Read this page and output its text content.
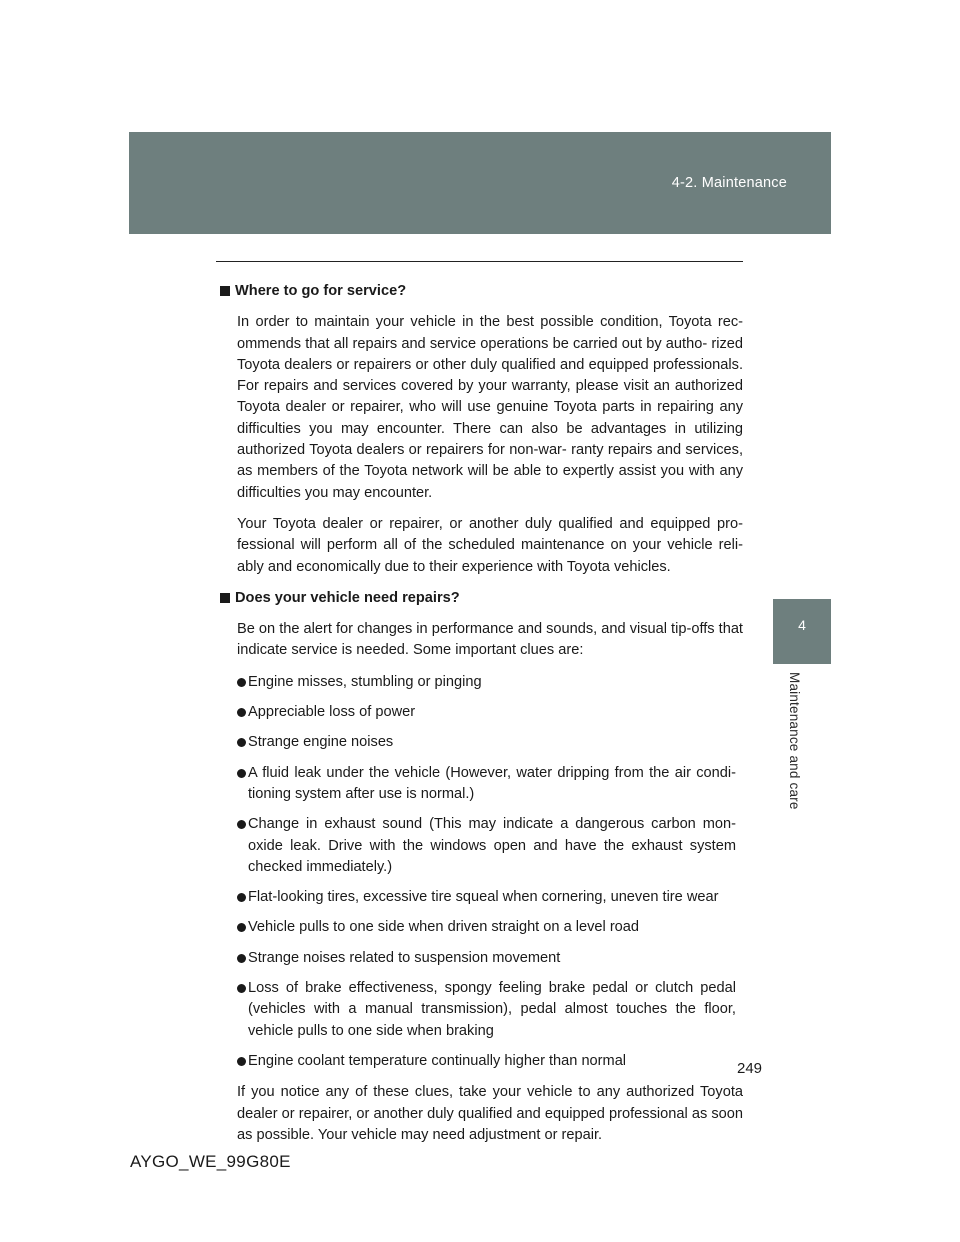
4-2. Maintenance
4
Maintenance and care
Where to go for service?

In order to maintain your vehicle in the best possible condition, Toyota rec- ommends that all repairs and service operations be carried out by autho- rized Toyota dealers or repairers or other duly qualified and equipped professionals. For repairs and services covered by your warranty, please visit an authorized Toyota dealer or repairer, who will use genuine Toyota parts in repairing any difficulties you may encounter. There can also be advantages in utilizing authorized Toyota dealers or repairers for non-war- ranty repairs and services, as members of the Toyota network will be able to expertly assist you with any difficulties you may encounter.

Your Toyota dealer or repairer, or another duly qualified and equipped pro- fessional will perform all of the scheduled maintenance on your vehicle reli- ably and economically due to their experience with Toyota vehicles.

Does your vehicle need repairs?

Be on the alert for changes in performance and sounds, and visual tip-offs that indicate service is needed. Some important clues are:

Engine misses, stumbling or pinging
Appreciable loss of power
Strange engine noises
A fluid leak under the vehicle (However, water dripping from the air condi- tioning system after use is normal.)
Change in exhaust sound (This may indicate a dangerous carbon mon- oxide leak. Drive with the windows open and have the exhaust system checked immediately.)
Flat-looking tires, excessive tire squeal when cornering, uneven tire wear
Vehicle pulls to one side when driven straight on a level road
Strange noises related to suspension movement
Loss of brake effectiveness, spongy feeling brake pedal or clutch pedal (vehicles with a manual transmission), pedal almost touches the floor, vehicle pulls to one side when braking
Engine coolant temperature continually higher than normal

If you notice any of these clues, take your vehicle to any authorized Toyota dealer or repairer, or another duly qualified and equipped professional as soon as possible. Your vehicle may need adjustment or repair.

249
AYGO_WE_99G80E
